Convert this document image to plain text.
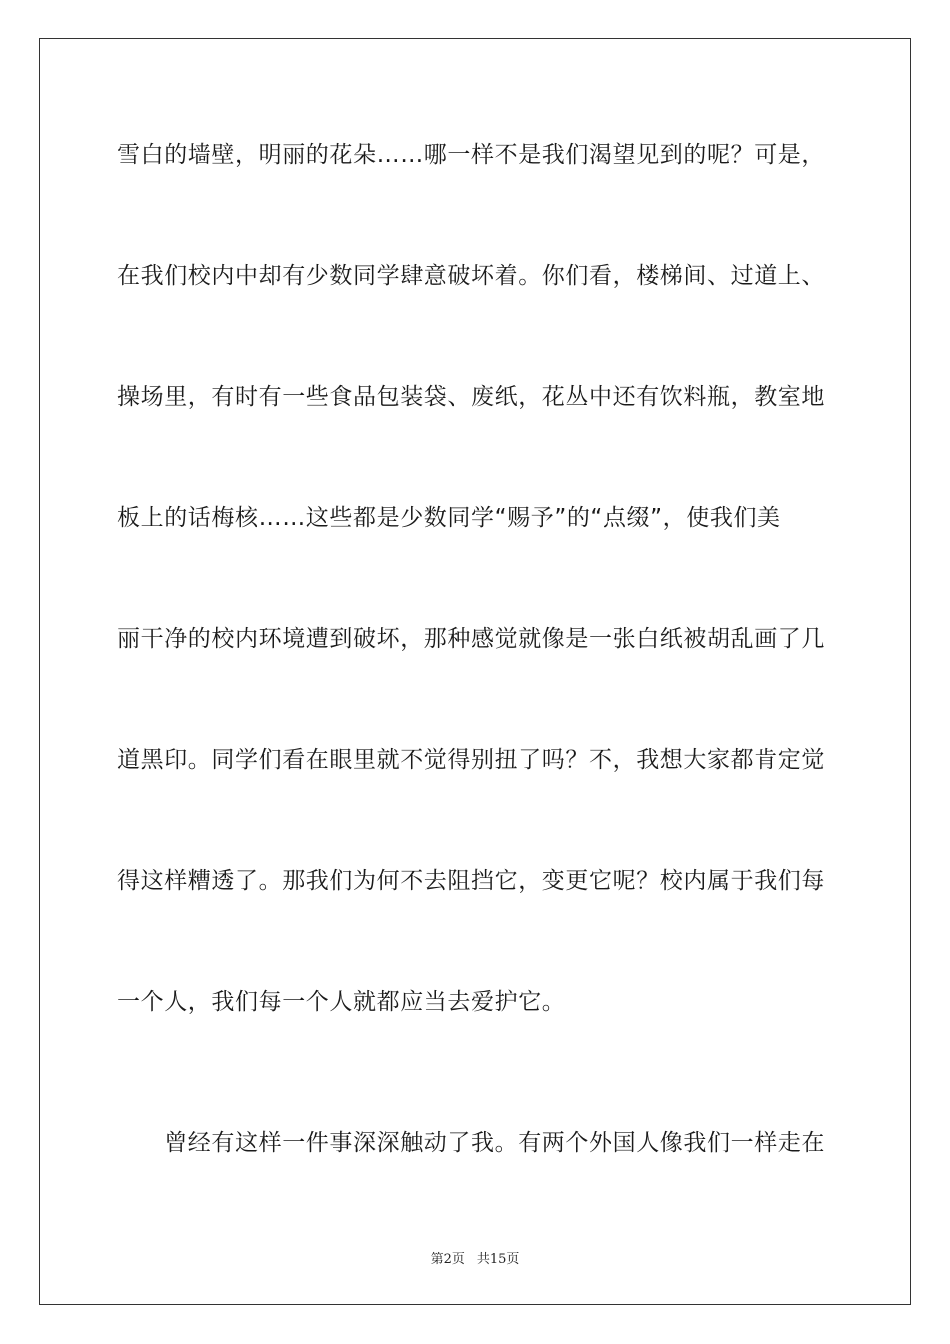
雪白的墙壁，明丽的花朵……哪一样不是我们渴望见到的呢？可是，
在我们校内中却有少数同学肆意破坏着。你们看，楼梯间、过道上、
操场里，有时有一些食品包装袋、废纸，花丛中还有饮料瓶，教室地
板上的话梅核……这些都是少数同学“赐予”的“点缀”，使我们美
丽干净的校内环境遭到破坏，那种感觉就像是一张白纸被胡乱画了几
道黑印。同学们看在眼里就不觉得别扭了吗？不，我想大家都肯定觉
得这样糟透了。那我们为何不去阻挡它，变更它呢？校内属于我们每
一个人，我们每一个人就都应当去爱护它。
　　曾经有这样一件事深深触动了我。有两个外国人像我们一样走在
第2页 共15页
